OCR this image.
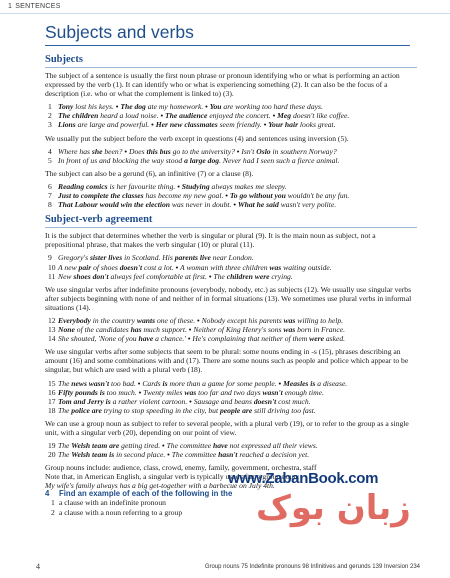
1 SENTENCES
Subjects and verbs
Subjects

The subject of a sentence is usually the first noun phrase or pronoun identifying who or what is performing an action expressed by the verb (1). It can identify who or what is experiencing something (2). It can also be the focus of a description (i.e. who or what the complement is linked to) (3).

1 Tony lost his keys. • The dog ate my homework. • You are working too hard these days.
2 The children heard a loud noise. • The audience enjoyed the concert. • Meg doesn't like coffee.
3 Lions are large and powerful. • Her new classmates seem friendly. • Your hair looks great.

We usually put the subject before the verb except in questions (4) and sentences using inversion (5).

4 Where has she been? • Does this bus go to the university? • Isn't Oslo in southern Norway?
5 In front of us and blocking the way stood a large dog. Never had I seen such a fierce animal.

The subject can also be a gerund (6), an infinitive (7) or a clause (8).

6 Reading comics is her favourite thing. • Studying always makes me sleepy.
7 Just to complete the classes has become my new goal. • To go without you wouldn't be any fun.
8 That Labour would win the election was never in doubt. • What he said wasn't very polite.
Subject-verb agreement

It is the subject that determines whether the verb is singular or plural (9). It is the main noun as subject, not a prepositional phrase, that makes the verb singular (10) or plural (11).

9 Gregory's sister lives in Scotland. His parents live near London.
10 A new pair of shoes doesn't cost a lot. • A woman with three children was waiting outside.
11 New shoes don't always feel comfortable at first. • The children were crying.

We use singular verbs after indefinite pronouns (everybody, nobody, etc.) as subjects (12). We usually use singular verbs after subjects beginning with none of and neither of in formal situations (13). We sometimes use plural verbs in informal situations (14).

12 Everybody in the country wants one of these. • Nobody except his parents was willing to help.
13 None of the candidates has much support. • Neither of King Henry's sons was born in France.
14 She shouted, 'None of you have a chance.' • He's complaining that neither of them were asked.

We use singular verbs after some subjects that seem to be plural: some nouns ending in -s (15), phrases describing an amount (16) and some combinations with and (17). There are some nouns such as people and police which appear to be singular, but which are used with a plural verb (18).

15 The news wasn't too bad. • Cards is more than a game for some people. • Measles is a disease.
16 Fifty pounds is too much. • Twenty miles was too far and two days wasn't enough time.
17 Tom and Jerry is a rather violent cartoon. • Sausage and beans doesn't cost much.
18 The police are trying to stop speeding in the city, but people are still driving too fast.

We can use a group noun as subject to refer to several people, with a plural verb (19), or to refer to the group as a single unit, with a singular verb (20), depending on our point of view.

19 The Welsh team are getting tired. • The committee have not expressed all their views.
20 The Welsh team is in second place. • The committee hasn't reached a decision yet.

Group nouns include: audience, class, crowd, enemy, family, government, orchestra, staff

Note that, in American English, a singular verb is typically used after a group noun:

My wife's family always has a big get-together with a barbecue on July 4th.

4 Find an example of each of the following in the

1 a clause with an indefinite pronoun
2 a clause with a noun referring to a group
www.ZabanBook.com
زبان بوک
4	Group nouns 75 Indefinite pronouns 98 Infinitives and gerunds 139 Inversion 234
